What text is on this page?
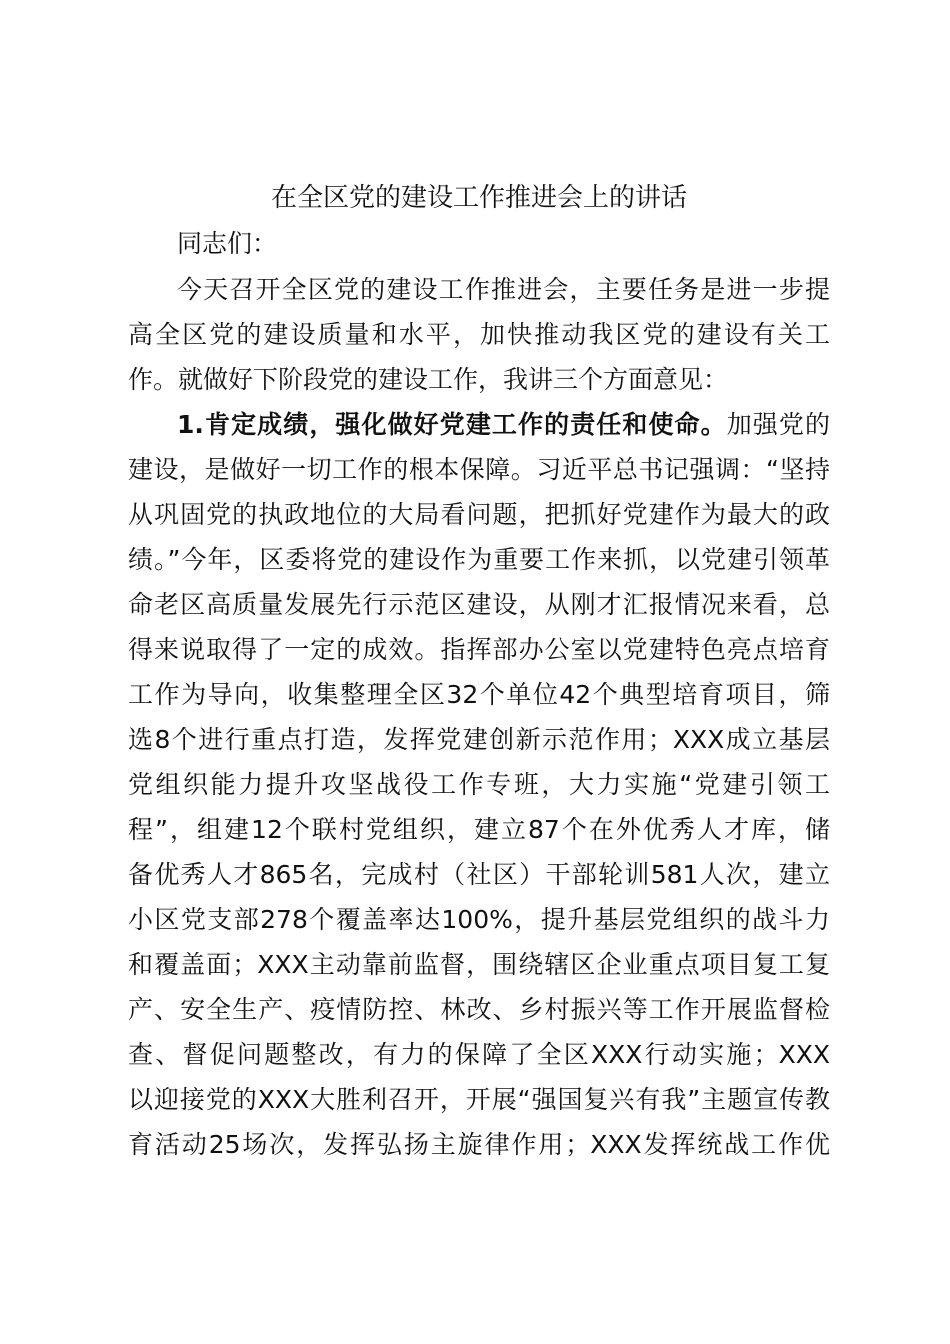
在全区党的建设工作推进会上的讲话
同志们：
今天召开全区党的建设工作推进会，主要任务是进一步提
高全区党的建设质量和水平，加快推动我区党的建设有关工
作。就做好下阶段党的建设工作，我讲三个方面意见：
1.肯定成绩，强化做好党建工作的责任和使命。加强党的
建设，是做好一切工作的根本保障。习近平总书记强调：“坚持
从巩固党的执政地位的大局看问题，把抓好党建作为最大的政
绩。”今年，区委将党的建设作为重要工作来抓，以党建引领革
命老区高质量发展先行示范区建设，从刚才汇报情况来看，总
得来说取得了一定的成效。指挥部办公室以党建特色亮点培育
工作为导向，收集整理全区32个单位42个典型培育项目，筛
选8个进行重点打造，发挥党建创新示范作用；XXX成立基层
党组织能力提升攻坚战役工作专班，大力实施“党建引领工
程”，组建12个联村党组织，建立87个在外优秀人才库，储
备优秀人才865名，完成村（社区）干部轮训581人次，建立
小区党支部278个覆盖率达100%，提升基层党组织的战斗力
和覆盖面；XXX主动靠前监督，围绕辖区企业重点项目复工复
产、安全生产、疫情防控、林改、乡村振兴等工作开展监督检
查、督促问题整改，有力的保障了全区XXX行动实施；XXX
以迎接党的XXX大胜利召开，开展“强国复兴有我”主题宣传教
育活动25场次，发挥弘扬主旋律作用；XXX发挥统战工作优
